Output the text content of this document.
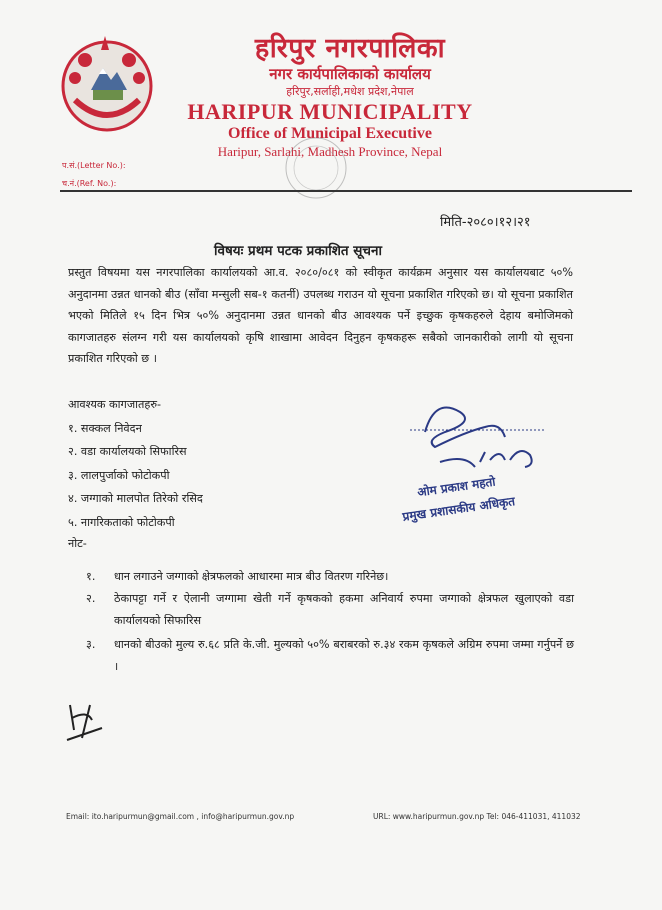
हरिपुर नगरपालिका
नगर कार्यपालिकाको कार्यालय
हरिपुर,सर्लाही,मधेश प्रदेश,नेपाल
HARIPUR MUNICIPALITY
Office of Municipal Executive
Haripur, Sarlahi, Madhesh Province, Nepal
प.सं.(Letter No.):
च.नं.(Ref. No.):
मिति-२०८०।१२।२१
विषयः प्रथम पटक प्रकाशित सूचना
प्रस्तुत विषयमा यस नगरपालिका कार्यालयको आ.व. २०८०/०८१ को स्वीकृत कार्यक्रम अनुसार यस कार्यालयबाट ५०% अनुदानमा उन्नत धानको बीउ (साँवा मन्सुली सब-१ कतर्नी) उपलब्ध गराउन यो सूचना प्रकाशित गरिएको छ। यो सूचना प्रकाशित भएको मितिले १५ दिन भित्र ५०% अनुदानमा उन्नत धानको बीउ आवश्यक पर्ने इच्छुक कृषकहरुले देहाय बमोजिमको कागजातहरु संलग्न गरी यस कार्यालयको कृषि शाखामा आवेदन दिनुहन कृषकहरू सबैको जानकारीको लागी यो सूचना प्रकाशित गरिएको छ ।
आवश्यक कागजातहरु-
१. सक्कल निवेदन
२. वडा कार्यालयको सिफारिस
३. लालपुर्जाको फोटोकपी
४. जग्गाको मालपोत तिरेको रसिद
५. नागरिकताको फोटोकपी
नोट-
१. धान लगाउने जग्गाको क्षेत्रफलको आधारमा मात्र बीउ वितरण गरिनेछ।
२. ठेकापट्टा गर्ने र ऐलानी जग्गामा खेती गर्ने कृषकको हकमा अनिवार्य रुपमा जग्गाको क्षेत्रफल खुलाएको वडा कार्यालयको सिफारिस
३. धानको बीउको मुल्य रु.६८ प्रति के.जी. मुल्यको ५०% बराबरको रु.३४ रकम कृषकले अग्रिम रुपमा जम्मा गर्नुपर्ने छ ।
ओम प्रकाश महतो
प्रमुख प्रशासकीय अधिकृत
Email: ito.haripurmun@gmail.com , info@haripurmun.gov.np	URL: www.haripurmun.gov.np Tel: 046-411031, 411032
